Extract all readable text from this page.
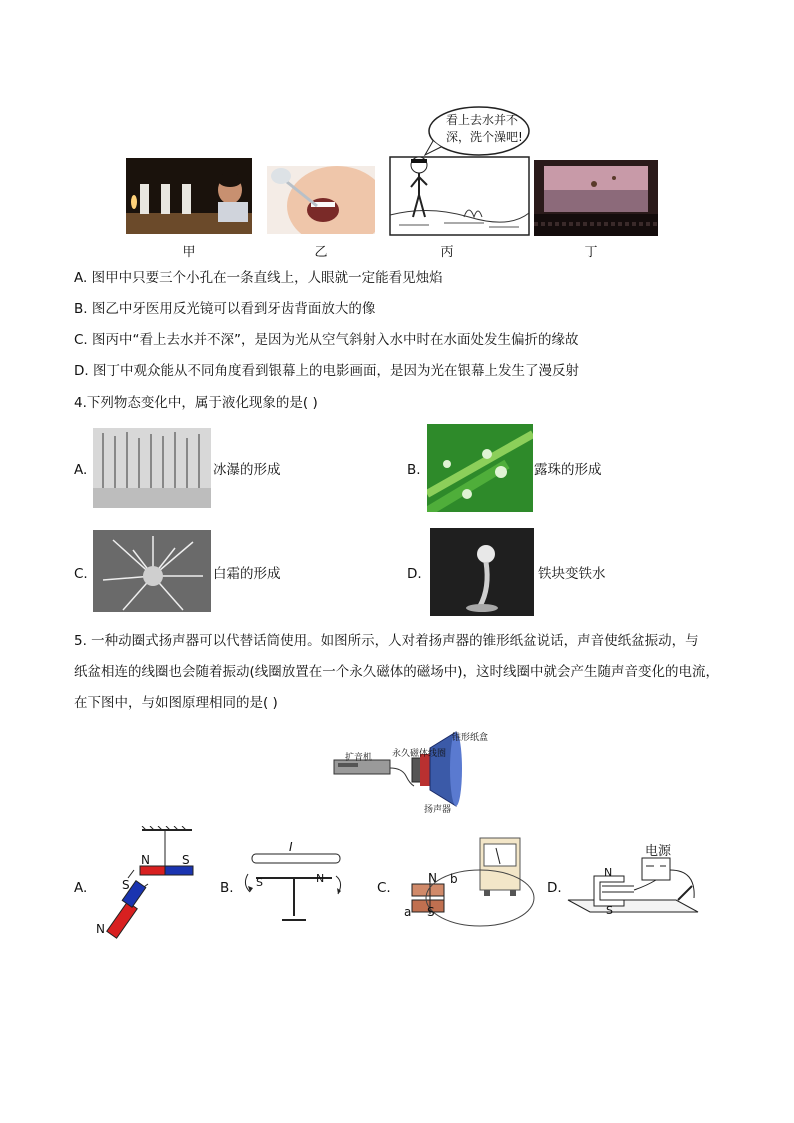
看上去水并不深，洗个澡吧!
甲	乙	丙	丁
A. 图甲中只要三个小孔在一条直线上，人眼就一定能看见烛焰
B. 图乙中牙医用反光镜可以看到牙齿背面放大的像
C. 图丙中“看上去水并不深”，是因为光从空气斜射入水中时在水面处发生偏折的缘故
D. 图丁中观众能从不同角度看到银幕上的电影画面，是因为光在银幕上发生了漫反射
4.下列物态变化中，属于液化现象的是( )
A.	冰瀑的形成	B.	露珠的形成
C.	白霜的形成	D.	铁块变铁水
5. 一种动圈式扬声器可以代替话筒使用。如图所示，人对着扬声器的锥形纸盆说话，声音使纸盆振动，与
纸盆相连的线圈也会随着振动(线圈放置在一个永久磁体的磁场中)，这时线圈中就会产生随声音变化的电流，
在下图中，与如图原理相同的是( )
扩音机 永久磁体 线圈
锥形纸盒
扬声器
A.
N	S
S
N
B.
I
S	N
C.
N b
a S
D.
电源
N
S
